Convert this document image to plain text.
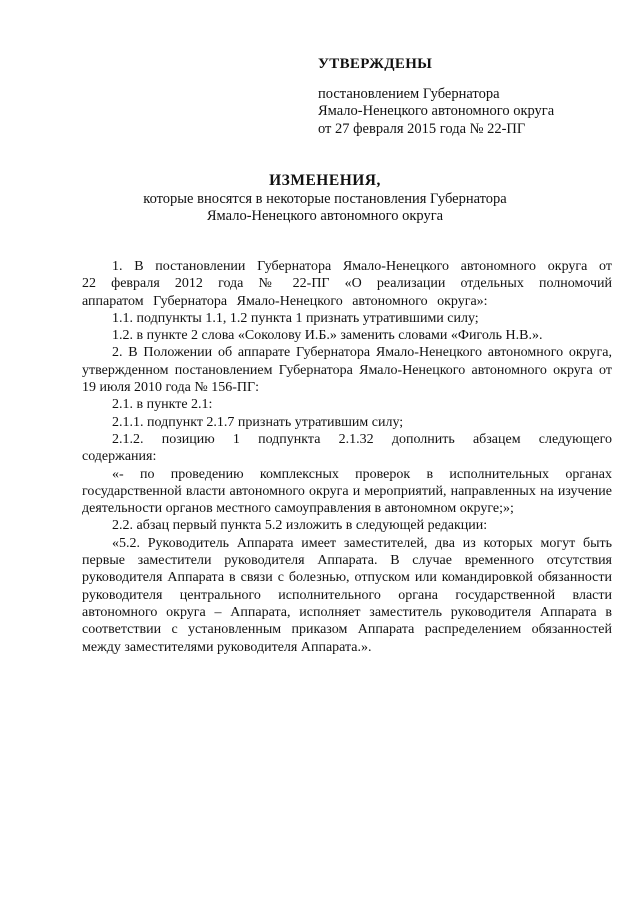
УТВЕРЖДЕНЫ
постановлением Губернатора
Ямало-Ненецкого автономного округа
от 27 февраля 2015 года № 22-ПГ
ИЗМЕНЕНИЯ,
которые вносятся в некоторые постановления Губернатора
Ямало-Ненецкого автономного округа

1. В постановлении Губернатора Ямало-Ненецкого автономного округа от 22 февраля 2012 года № 22-ПГ «О реализации отдельных полномочий аппаратом Губернатора Ямало-Ненецкого автономного округа»:

1.1. подпункты 1.1, 1.2 пункта 1 признать утратившими силу;

1.2. в пункте 2 слова «Соколову И.Б.» заменить словами «Фиголь Н.В.».

2. В Положении об аппарате Губернатора Ямало-Ненецкого автономного округа, утвержденном постановлением Губернатора Ямало-Ненецкого автономного округа от 19 июля 2010 года № 156-ПГ:

2.1. в пункте 2.1:

2.1.1. подпункт 2.1.7 признать утратившим силу;

2.1.2. позицию 1 подпункта 2.1.32 дополнить абзацем следующего содержания:

«- по проведению комплексных проверок в исполнительных органах государственной власти автономного округа и мероприятий, направленных на изучение деятельности органов местного самоуправления в автономном округе;»;

2.2. абзац первый пункта 5.2 изложить в следующей редакции:

«5.2. Руководитель Аппарата имеет заместителей, два из которых могут быть первые заместители руководителя Аппарата. В случае временного отсутствия руководителя Аппарата в связи с болезнью, отпуском или командировкой обязанности руководителя центрального исполнительного органа государственной власти автономного округа – Аппарата, исполняет заместитель руководителя Аппарата в соответствии с установленным приказом Аппарата распределением обязанностей между заместителями руководителя Аппарата.».
